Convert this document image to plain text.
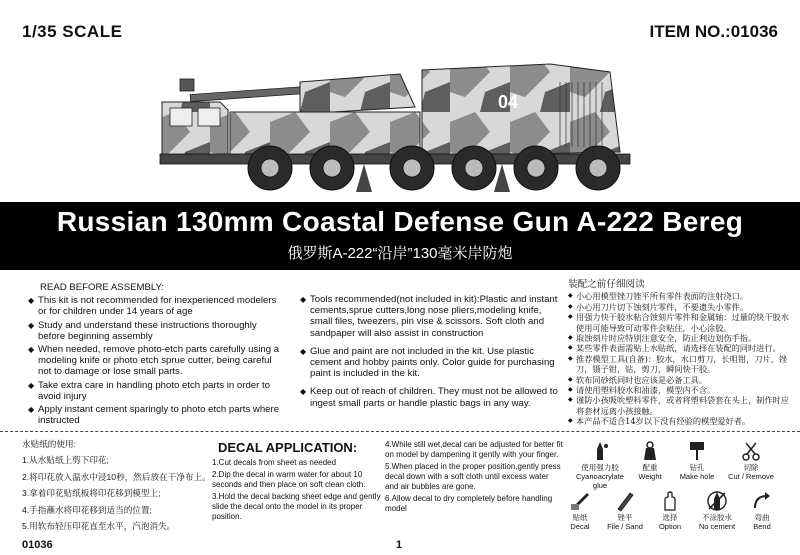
1/35 SCALE	ITEM NO.:01036
04
Russian 130mm Coastal Defense Gun A-222 Bereg
俄罗斯A-222“沿岸”130毫米岸防炮
READ BEFORE ASSEMBLY:
◆ This kit is not recommended for inexperienced modelers or for children under 14 years of age
◆ Study and understand these instructions thoroughly before beginning assembly
◆ When needed, remove photo-etch parts carefully using a modeling knife or photo etch sprue cutter, being careful not to damage or lose small parts.
◆ Take extra care in handling photo etch parts in order to avoid injury
◆ Apply instant cement sparingly to photo etch parts where instructed
◆ Tools recommended(not included in kit):Plastic and instant cements,sprue cutters,long nose pliers,modeling knife, small files, tweezers, pin vise & scissors. Soft cloth and sandpaper will also assist in construction
◆ Glue and paint are not included in the kit. Use plastic cement and hobby paints only. Color guide for purchasing paint is included in the kit.
◆ Keep out of reach of children. They must not be allowed to ingest small parts or handle plastic bags in any way.
装配之前仔细阅读
◆ 小心用模型锉刀锉平所有零件表面的注射浇口。
◆ 小心用刀片切下蚀刻片零件，不要遗失小零件。
◆ 用强力快干胶水粘合蚀刻片零件和金属轴：过量的快干胶水使用可能导致可动零件会粘住，小心涂胶。
◆ 取蚀刻片时应特别注意安全，防止利边划伤手指。
◆ 某些零件表面需贴上水贴纸，请选择在装配的同时进行。
◆ 推荐模型工具(自备)：胶水，水口剪刀，长咀钳，刀片，锉刀，镊子钳，钻，剪刀，瞬间快干胶。
◆ 软布同砂纸同时也应该是必备工具。
◆ 请使用塑料胶水和油漆，模型内不含。
◆ 谨防小孩吸吮塑料零件，或者将塑料袋套在头上，制作时应将套材远离小孩接触。
◆ 本产品不适合14岁以下没有经验的模型爱好者。
水贴纸的使用:
1.从水贴纸上剪下印花;
2.将印花放入温水中浸10秒，然后放在干净布上。
3.拿着印花贴纸板将印花移到模型上;
4.手指蘸水将印花移到适当的位置;
5.用软布轻压印花直至水平，汽泡消失。
DECAL APPLICATION:

1.Cut decals from sheet as needed

2.Dip the decal in warm water for about 10 seconds and then place on soft clean cloth.

3.Hold the decal backing sheet edge and gently slide the decal onto the model in its proper position.

4.While still wet,decal can be adjusted for better fit on model by dampening it gently with your finger.

5.When placed in the proper position,gently press decal down with a soft cloth until excess water and air bubbles are gone.

6.Allow decal to dry completely before handling model

使用强力胶
Cyanoacrylate glue
配重
Weight
钻孔
Make hole
切除
Cut / Remove
贴纸
Decal
锉平
File / Sand
选择
Option
不涂胶水
No cement
弯曲
Bend
01036	1
